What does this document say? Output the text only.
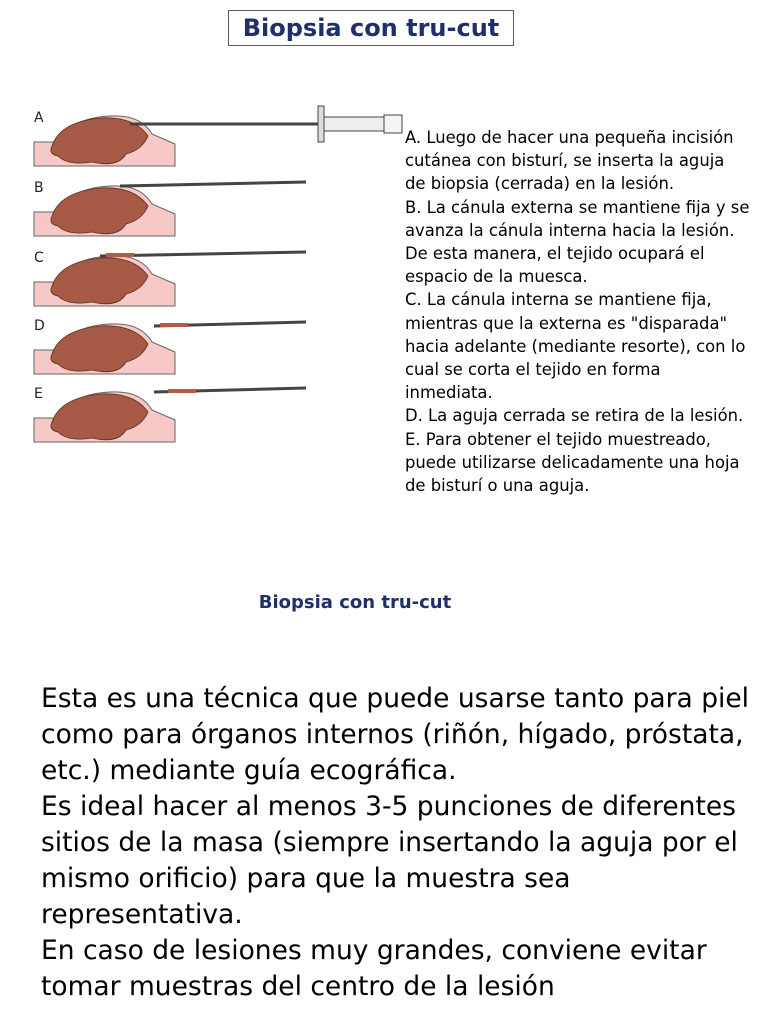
Biopsia con tru-cut
A
B
C
D
E

A. Luego de hacer una pequeña incisión cutánea con bisturí, se inserta la aguja de biopsia (cerrada) en la lesión.

B. La cánula externa se mantiene fija y se avanza la cánula interna hacia la lesión. De esta manera, el tejido ocupará el espacio de la muesca.

C. La cánula interna se mantiene fija, mientras que la externa es "disparada" hacia adelante (mediante resorte), con lo cual se corta el tejido en forma inmediata.

D. La aguja cerrada se retira de la lesión.

E. Para obtener el tejido muestreado, puede utilizarse delicadamente una hoja de bisturí o una aguja.

Biopsia con tru-cut

Esta es una técnica que puede usarse tanto para piel como para órganos internos (riñón, hígado, próstata, etc.) mediante guía ecográfica.

Es ideal hacer al menos 3-5 punciones de diferentes sitios de la masa (siempre insertando la aguja por el mismo orificio) para que la muestra sea representativa.

En caso de lesiones muy grandes, conviene evitar tomar muestras del centro de la lesión
